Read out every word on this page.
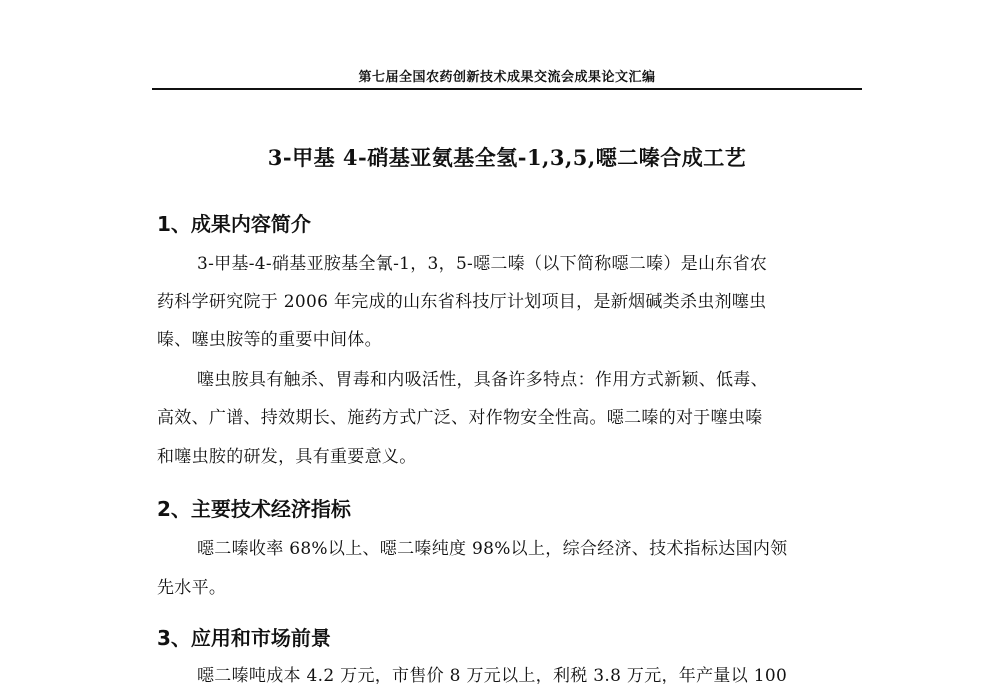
第七届全国农药创新技术成果交流会成果论文汇编
3-甲基 4-硝基亚氨基全氢-1,3,5,噁二嗪合成工艺
1、成果内容简介
3-甲基-4-硝基亚胺基全氰-1，3，5-噁二嗪（以下简称噁二嗪）是山东省农
药科学研究院于 2006 年完成的山东省科技厅计划项目，是新烟碱类杀虫剂噻虫
嗪、噻虫胺等的重要中间体。
噻虫胺具有触杀、胃毒和内吸活性，具备许多特点：作用方式新颖、低毒、
高效、广谱、持效期长、施药方式广泛、对作物安全性高。噁二嗪的对于噻虫嗪
和噻虫胺的研发，具有重要意义。
2、主要技术经济指标
噁二嗪收率 68%以上、噁二嗪纯度 98%以上，综合经济、技术指标达国内领
先水平。
3、应用和市场前景
噁二嗪吨成本 4.2 万元，市售价 8 万元以上，利税 3.8 万元，年产量以 100
